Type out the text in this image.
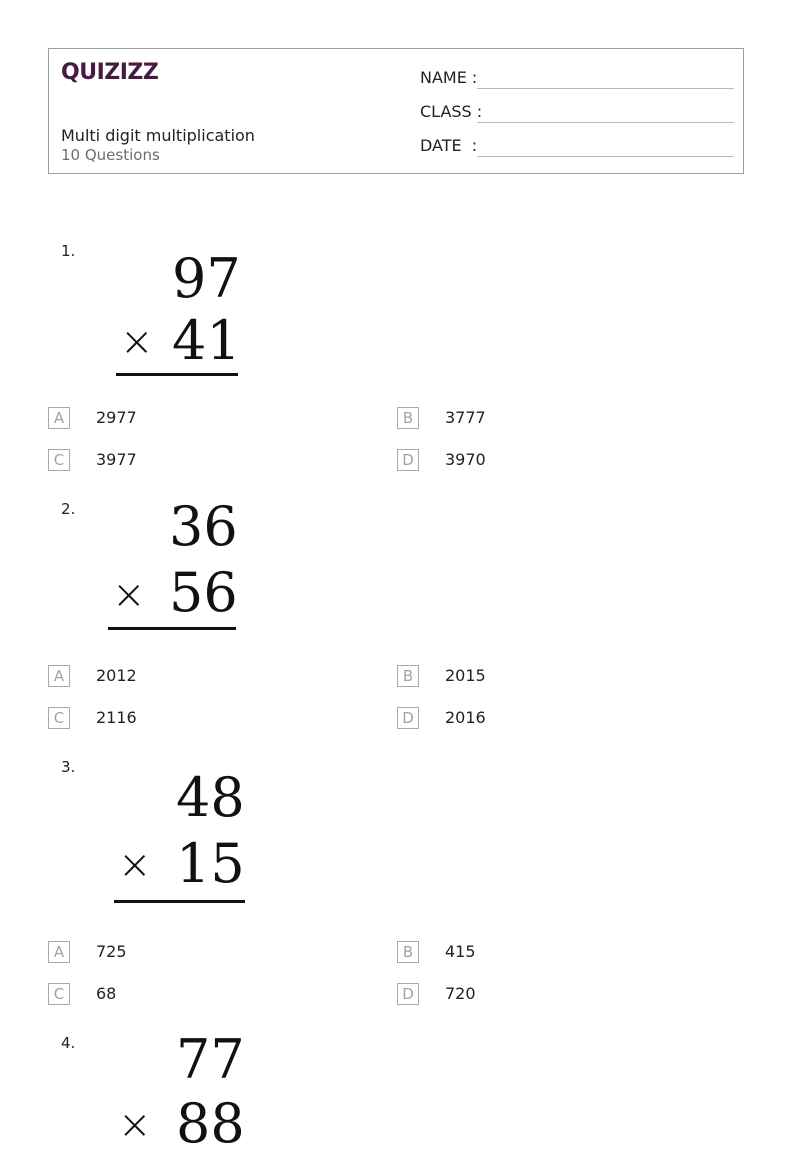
QUIZIZZ
Multi digit multiplication
10 Questions
NAME :
CLASS :
DATE  :
1. 97
× 41
A	2977	B	3777
C	3977	D	3970
2. 36
× 56
A	2012	B	2015
C	2116	D	2016
3. 48
× 15
A	725	B	415
C	68	D	720
4. 77
× 88
